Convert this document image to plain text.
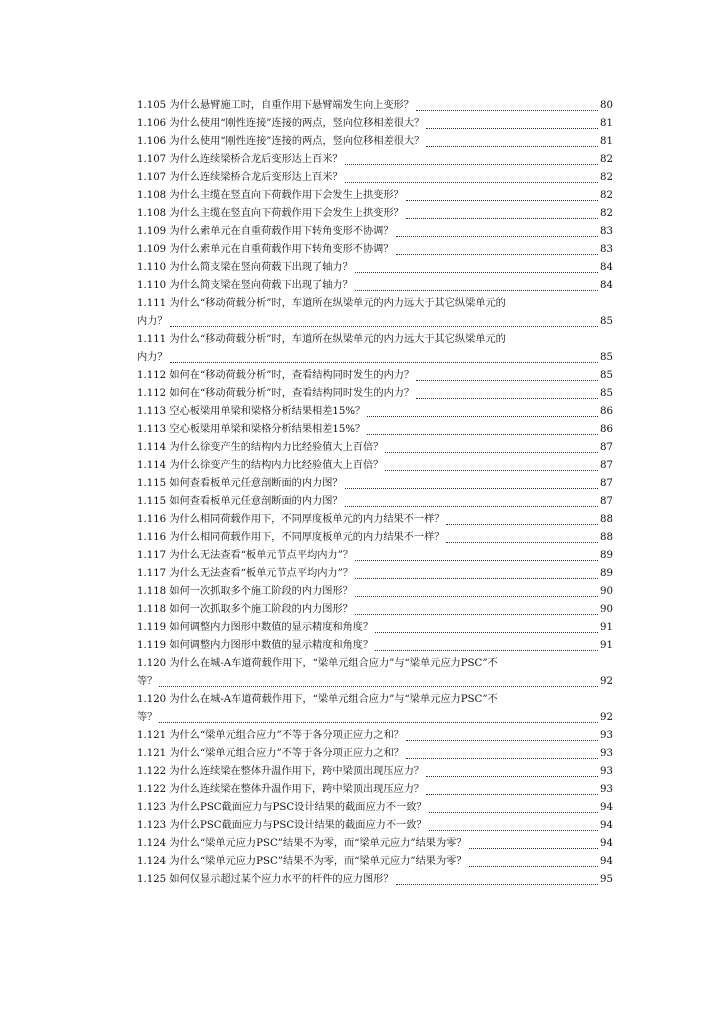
1.105 为什么悬臂施工时，自重作用下悬臂端发生向上变形？	80
1.106 为什么使用“刚性连接”连接的两点，竖向位移相差很大？	81
1.106 为什么使用“刚性连接”连接的两点，竖向位移相差很大？	81
1.107 为什么连续梁桥合龙后变形达上百米？	82
1.107 为什么连续梁桥合龙后变形达上百米？	82
1.108 为什么主缆在竖直向下荷载作用下会发生上拱变形？	82
1.108 为什么主缆在竖直向下荷载作用下会发生上拱变形？	82
1.109 为什么索单元在自重荷载作用下转角变形不协调？	83
1.109 为什么索单元在自重荷载作用下转角变形不协调？	83
1.110 为什么简支梁在竖向荷载下出现了轴力？	84
1.110 为什么简支梁在竖向荷载下出现了轴力？	84
1.111 为什么“移动荷载分析”时，车道所在纵梁单元的内力远大于其它纵梁单元的
内力？	85
1.111 为什么“移动荷载分析”时，车道所在纵梁单元的内力远大于其它纵梁单元的
内力？	85
1.112 如何在“移动荷载分析”时，查看结构同时发生的内力？	85
1.112 如何在“移动荷载分析”时，查看结构同时发生的内力？	85
1.113 空心板梁用单梁和梁格分析结果相差15%？	86
1.113 空心板梁用单梁和梁格分析结果相差15%？	86
1.114 为什么徐变产生的结构内力比经验值大上百倍？	87
1.114 为什么徐变产生的结构内力比经验值大上百倍？	87
1.115 如何查看板单元任意剖断面的内力图？	87
1.115 如何查看板单元任意剖断面的内力图？	87
1.116 为什么相同荷载作用下，不同厚度板单元的内力结果不一样？	88
1.116 为什么相同荷载作用下，不同厚度板单元的内力结果不一样？	88
1.117 为什么无法查看“板单元节点平均内力”？	89
1.117 为什么无法查看“板单元节点平均内力”？	89
1.118 如何一次抓取多个施工阶段的内力图形？	90
1.118 如何一次抓取多个施工阶段的内力图形？	90
1.119 如何调整内力图形中数值的显示精度和角度？	91
1.119 如何调整内力图形中数值的显示精度和角度？	91
1.120 为什么在城-A车道荷载作用下，“梁单元组合应力”与“梁单元应力PSC”不
等？	92
1.120 为什么在城-A车道荷载作用下，“梁单元组合应力”与“梁单元应力PSC”不
等？	92
1.121 为什么“梁单元组合应力”不等于各分项正应力之和？	93
1.121 为什么“梁单元组合应力”不等于各分项正应力之和？	93
1.122 为什么连续梁在整体升温作用下，跨中梁顶出现压应力？	93
1.122 为什么连续梁在整体升温作用下，跨中梁顶出现压应力？	93
1.123 为什么PSC截面应力与PSC设计结果的截面应力不一致？	94
1.123 为什么PSC截面应力与PSC设计结果的截面应力不一致？	94
1.124 为什么“梁单元应力PSC”结果不为零，而“梁单元应力”结果为零？	94
1.124 为什么“梁单元应力PSC”结果不为零，而“梁单元应力”结果为零？	94
1.125 如何仅显示超过某个应力水平的杆件的应力图形？	95
